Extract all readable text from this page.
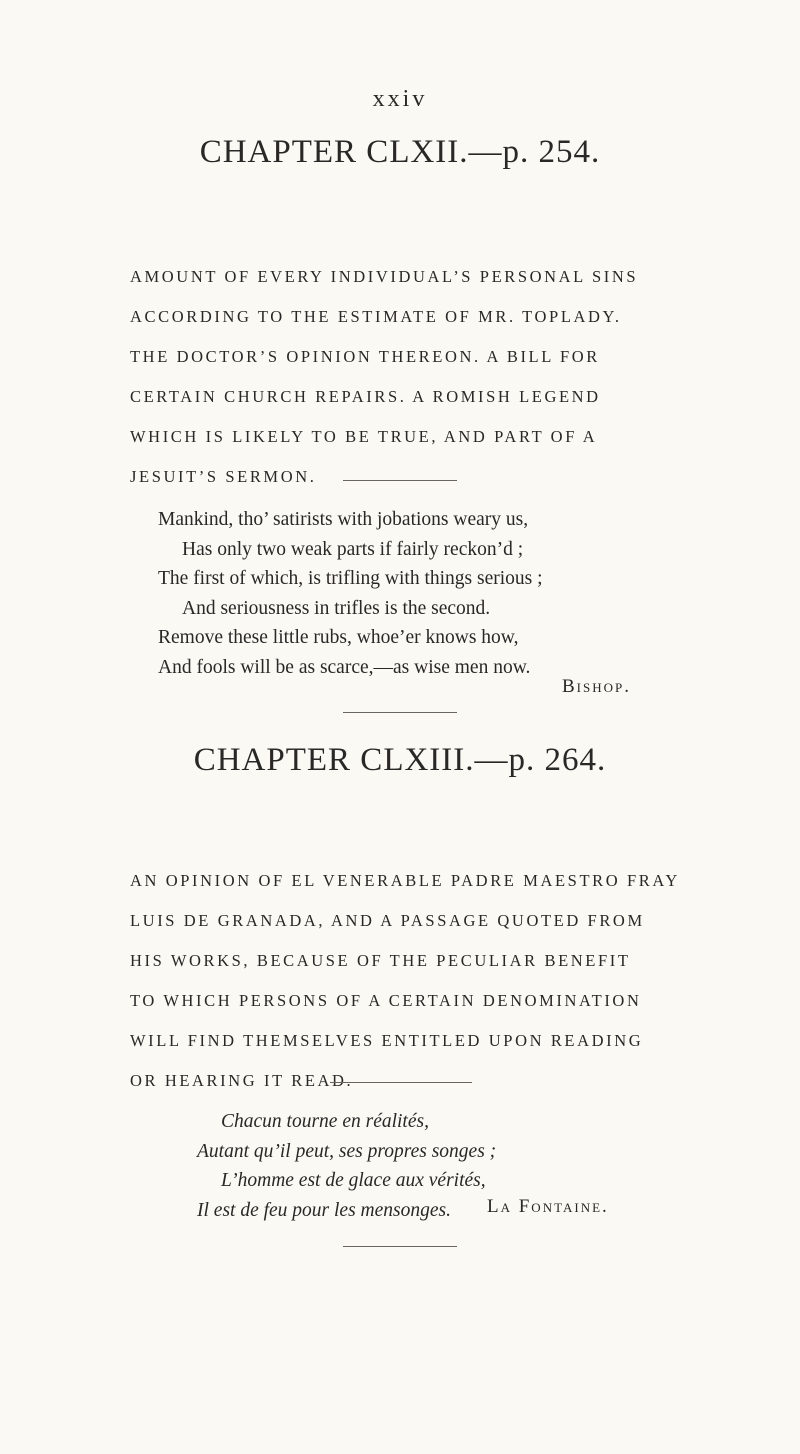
xxiv
CHAPTER CLXII.—p. 254.

AMOUNT OF EVERY INDIVIDUAL’S PERSONAL SINS
ACCORDING TO THE ESTIMATE OF MR. TOPLADY.
THE DOCTOR’S OPINION THEREON. A BILL FOR
CERTAIN CHURCH REPAIRS. A ROMISH LEGEND
WHICH IS LIKELY TO BE TRUE, AND PART OF A
JESUIT’S SERMON.

Mankind, tho’ satirists with jobations weary us,
Has only two weak parts if fairly reckon’d ;
The first of which, is trifling with things serious ;
And seriousness in trifles is the second.
Remove these little rubs, whoe’er knows how,
And fools will be as scarce,—as wise men now.
Bishop.
CHAPTER CLXIII.—p. 264.

AN OPINION OF EL VENERABLE PADRE MAESTRO FRAY
LUIS DE GRANADA, AND A PASSAGE QUOTED FROM
HIS WORKS, BECAUSE OF THE PECULIAR BENEFIT
TO WHICH PERSONS OF A CERTAIN DENOMINATION
WILL FIND THEMSELVES ENTITLED UPON READING
OR HEARING IT READ.

Chacun tourne en réalités,
Autant qu’il peut, ses propres songes ;
L’homme est de glace aux vérités,
Il est de feu pour les mensonges.	La Fontaine.
